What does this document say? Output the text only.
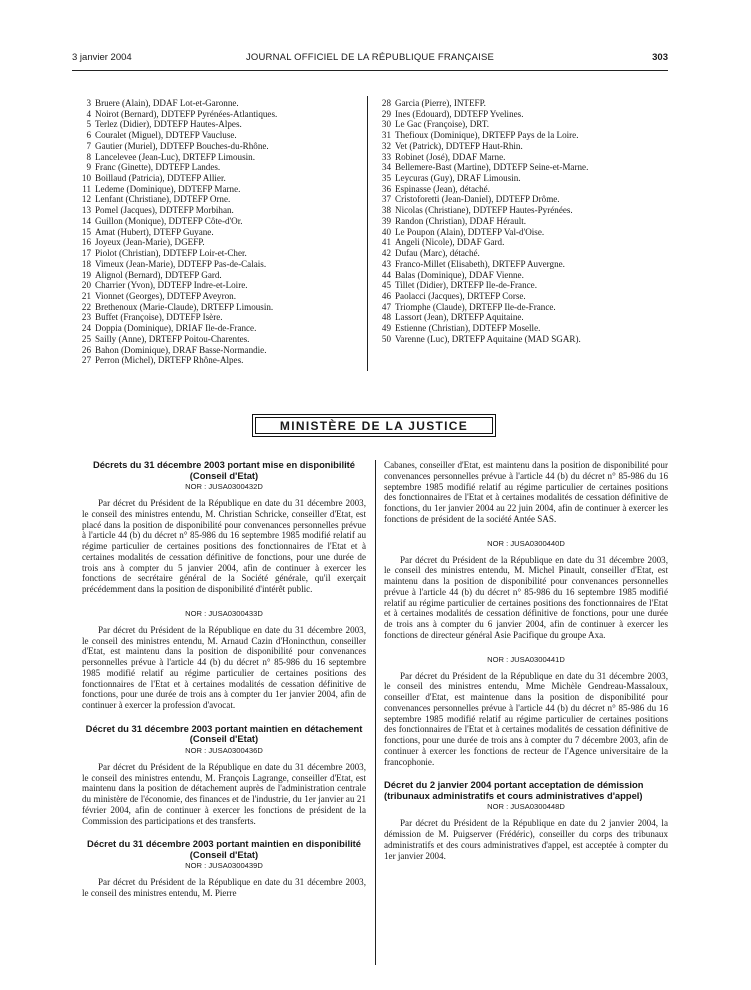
3 janvier 2004	JOURNAL OFFICIEL DE LA RÉPUBLIQUE FRANÇAISE	303
3 Bruere (Alain), DDAF Lot-et-Garonne.
4 Noirot (Bernard), DDTEFP Pyrénées-Atlantiques.
5 Terlez (Didier), DDTEFP Hautes-Alpes.
6 Couralet (Miguel), DDTEFP Vaucluse.
7 Gautier (Muriel), DDTEFP Bouches-du-Rhône.
8 Lancelevee (Jean-Luc), DRTEFP Limousin.
9 Franc (Ginette), DDTEFP Landes.
10 Boillaud (Patricia), DDTEFP Allier.
11 Ledeme (Dominique), DDTEFP Marne.
12 Lenfant (Christiane), DDTEFP Orne.
13 Pomel (Jacques), DDTEFP Morbihan.
14 Guillon (Monique), DDTEFP Côte-d'Or.
15 Amat (Hubert), DTEFP Guyane.
16 Joyeux (Jean-Marie), DGEFP.
17 Piolot (Christian), DDTEFP Loir-et-Cher.
18 Vimeux (Jean-Marie), DDTEFP Pas-de-Calais.
19 Alignol (Bernard), DDTEFP Gard.
20 Charrier (Yvon), DDTEFP Indre-et-Loire.
21 Vionnet (Georges), DDTEFP Aveyron.
22 Brethenoux (Marie-Claude), DRTEFP Limousin.
23 Buffet (Françoise), DDTEFP Isère.
24 Doppia (Dominique), DRIAF Ile-de-France.
25 Sailly (Anne), DRTEFP Poitou-Charentes.
26 Bahon (Dominique), DRAF Basse-Normandie.
27 Perron (Michel), DRTEFP Rhône-Alpes.
28 Garcia (Pierre), INTEFP.
29 Ines (Edouard), DDTEFP Yvelines.
30 Le Gac (Françoise), DRT.
31 Thefioux (Dominique), DRTEFP Pays de la Loire.
32 Vet (Patrick), DDTEFP Haut-Rhin.
33 Robinet (José), DDAF Marne.
34 Bellemere-Bast (Martine), DDTEFP Seine-et-Marne.
35 Leycuras (Guy), DRAF Limousin.
36 Espinasse (Jean), détaché.
37 Cristoforetti (Jean-Daniel), DDTEFP Drôme.
38 Nicolas (Christiane), DDTEFP Hautes-Pyrénées.
39 Randon (Christian), DDAF Hérault.
40 Le Poupon (Alain), DDTEFP Val-d'Oise.
41 Angeli (Nicole), DDAF Gard.
42 Dufau (Marc), détaché.
43 Franco-Millet (Elisabeth), DRTEFP Auvergne.
44 Balas (Dominique), DDAF Vienne.
45 Tillet (Didier), DRTEFP Ile-de-France.
46 Paolacci (Jacques), DRTEFP Corse.
47 Triomphe (Claude), DRTEFP Ile-de-France.
48 Lassort (Jean), DRTEFP Aquitaine.
49 Estienne (Christian), DDTEFP Moselle.
50 Varenne (Luc), DRTEFP Aquitaine (MAD SGAR).
MINISTÈRE DE LA JUSTICE
Décrets du 31 décembre 2003 portant mise en disponibilité (Conseil d'Etat)
NOR : JUSA0300432D

Par décret du Président de la République en date du 31 décembre 2003, le conseil des ministres entendu, M. Christian Schricke, conseiller d'Etat, est placé dans la position de disponibilité pour convenances personnelles prévue à l'article 44 (b) du décret n° 85-986 du 16 septembre 1985 modifié relatif au régime particulier de certaines positions des fonctionnaires de l'Etat et à certaines modalités de cessation définitive de fonctions, pour une durée de trois ans à compter du 5 janvier 2004, afin de continuer à exercer les fonctions de secrétaire général de la Société générale, qu'il exerçait précédemment dans la position de disponibilité d'intérêt public.

NOR : JUSA0300433D

Par décret du Président de la République en date du 31 décembre 2003, le conseil des ministres entendu, M. Arnaud Cazin d'Honincthun, conseiller d'Etat, est maintenu dans la position de disponibilité pour convenances personnelles prévue à l'article 44 (b) du décret n° 85-986 du 16 septembre 1985 modifié relatif au régime particulier de certaines positions des fonctionnaires de l'Etat et à certaines modalités de cessation définitive de fonctions, pour une durée de trois ans à compter du 1er janvier 2004, afin de continuer à exercer la profession d'avocat.

Décret du 31 décembre 2003 portant maintien en détachement (Conseil d'Etat)
NOR : JUSA0300436D

Par décret du Président de la République en date du 31 décembre 2003, le conseil des ministres entendu, M. François Lagrange, conseiller d'Etat, est maintenu dans la position de détachement auprès de l'administration centrale du ministère de l'économie, des finances et de l'industrie, du 1er janvier au 21 février 2004, afin de continuer à exercer les fonctions de président de la Commission des participations et des transferts.

Décret du 31 décembre 2003 portant maintien en disponibilité (Conseil d'Etat)
NOR : JUSA0300439D

Par décret du Président de la République en date du 31 décembre 2003, le conseil des ministres entendu, M. Pierre

Cabanes, conseiller d'Etat, est maintenu dans la position de disponibilité pour convenances personnelles prévue à l'article 44 (b) du décret n° 85-986 du 16 septembre 1985 modifié relatif au régime particulier de certaines positions des fonctionnaires de l'Etat et à certaines modalités de cessation définitive de fonctions, du 1er janvier 2004 au 22 juin 2004, afin de continuer à exercer les fonctions de président de la société Antée SAS.

NOR : JUSA0300440D

Par décret du Président de la République en date du 31 décembre 2003, le conseil des ministres entendu, M. Michel Pinault, conseiller d'Etat, est maintenu dans la position de disponibilité pour convenances personnelles prévue à l'article 44 (b) du décret n° 85-986 du 16 septembre 1985 modifié relatif au régime particulier de certaines positions des fonctionnaires de l'Etat et à certaines modalités de cessation définitive de fonctions, pour une durée de trois ans à compter du 6 janvier 2004, afin de continuer à exercer les fonctions de directeur général Asie Pacifique du groupe Axa.

NOR : JUSA0300441D

Par décret du Président de la République en date du 31 décembre 2003, le conseil des ministres entendu, Mme Michèle Gendreau-Massaloux, conseiller d'Etat, est maintenue dans la position de disponibilité pour convenances personnelles prévue à l'article 44 (b) du décret n° 85-986 du 16 septembre 1985 modifié relatif au régime particulier de certaines positions des fonctionnaires de l'Etat et à certaines modalités de cessation définitive de fonctions, pour une durée de trois ans à compter du 7 décembre 2003, afin de continuer à exercer les fonctions de recteur de l'Agence universitaire de la francophonie.

Décret du 2 janvier 2004 portant acceptation de démission (tribunaux administratifs et cours administratives d'appel)
NOR : JUSA0300448D

Par décret du Président de la République en date du 2 janvier 2004, la démission de M. Puigserver (Frédéric), conseiller du corps des tribunaux administratifs et des cours administratives d'appel, est acceptée à compter du 1er janvier 2004.
